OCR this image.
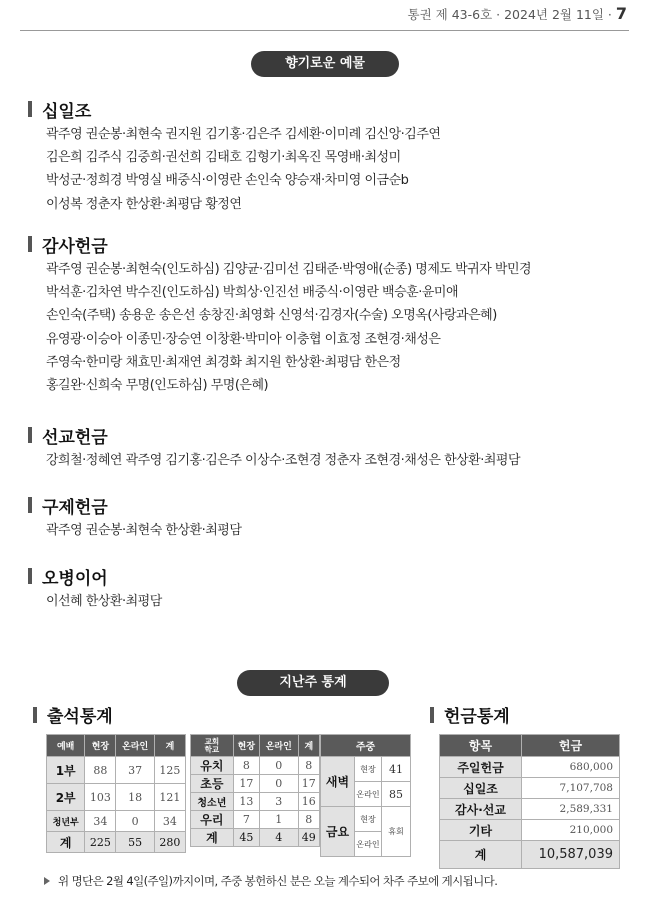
통권 제 43-6호 · 2024년 2월 11일 · 7
향기로운 예물
십일조
곽주영 권순봉·최현숙 권지원 김기홍·김은주 김세환·이미례 김신앙·김주연
김은희 김주식 김중희·권선희 김태호 김형기·최옥진 목영배·최성미
박성군·정희경 박영실 배중식·이영란 손인숙 양승재·차미영 이금순b
이성복 정춘자 한상환·최평담 황정연
감사헌금
곽주영 권순봉·최현숙(인도하심) 김양균·김미선 김태준·박영애(순종) 명제도 박귀자 박민경
박석훈·김차연 박수진(인도하심) 박희상·인진선 배중식·이영란 백승훈·윤미애
손인숙(주택) 송용운 송은선 송창진·최영화 신영석·김경자(수술) 오명옥(사랑과은혜)
유영광·이승아 이종민·장승연 이창환·박미아 이충협 이효정 조현경·채성은
주영숙·한미랑 채효민·최재연 최경화 최지원 한상환·최평담 한은정
홍길완·신희숙 무명(인도하심) 무명(은혜)
선교헌금
강희철·정혜연 곽주영 김기홍·김은주 이상수·조현경 정춘자 조현경·채성은 한상환·최평담
구제헌금
곽주영 권순봉·최현숙 한상환·최평담
오병이어
이선혜 한상환·최평담
지난주 통계
출석통계	헌금통계
예배	현장	온라인	계
1부	88	37	125
2부	103	18	121
청년부	34	0	34
계	225	55	280
교회
학교	현장	온라인	계
유치	8	0	8
초등	17	0	17
청소년	13	3	16
우리	7	1	8
계	45	4	49
주중		
새벽	현장	41
	온라인	85
금요	현장	휴회
	온라인	
항목	헌금
주일헌금	680,000
십일조	7,107,708
감사·선교	2,589,331
기타	210,000
계	10,587,039
위 명단은 2월 4일(주일)까지이며, 주중 봉헌하신 분은 오늘 계수되어 차주 주보에 게시됩니다.
